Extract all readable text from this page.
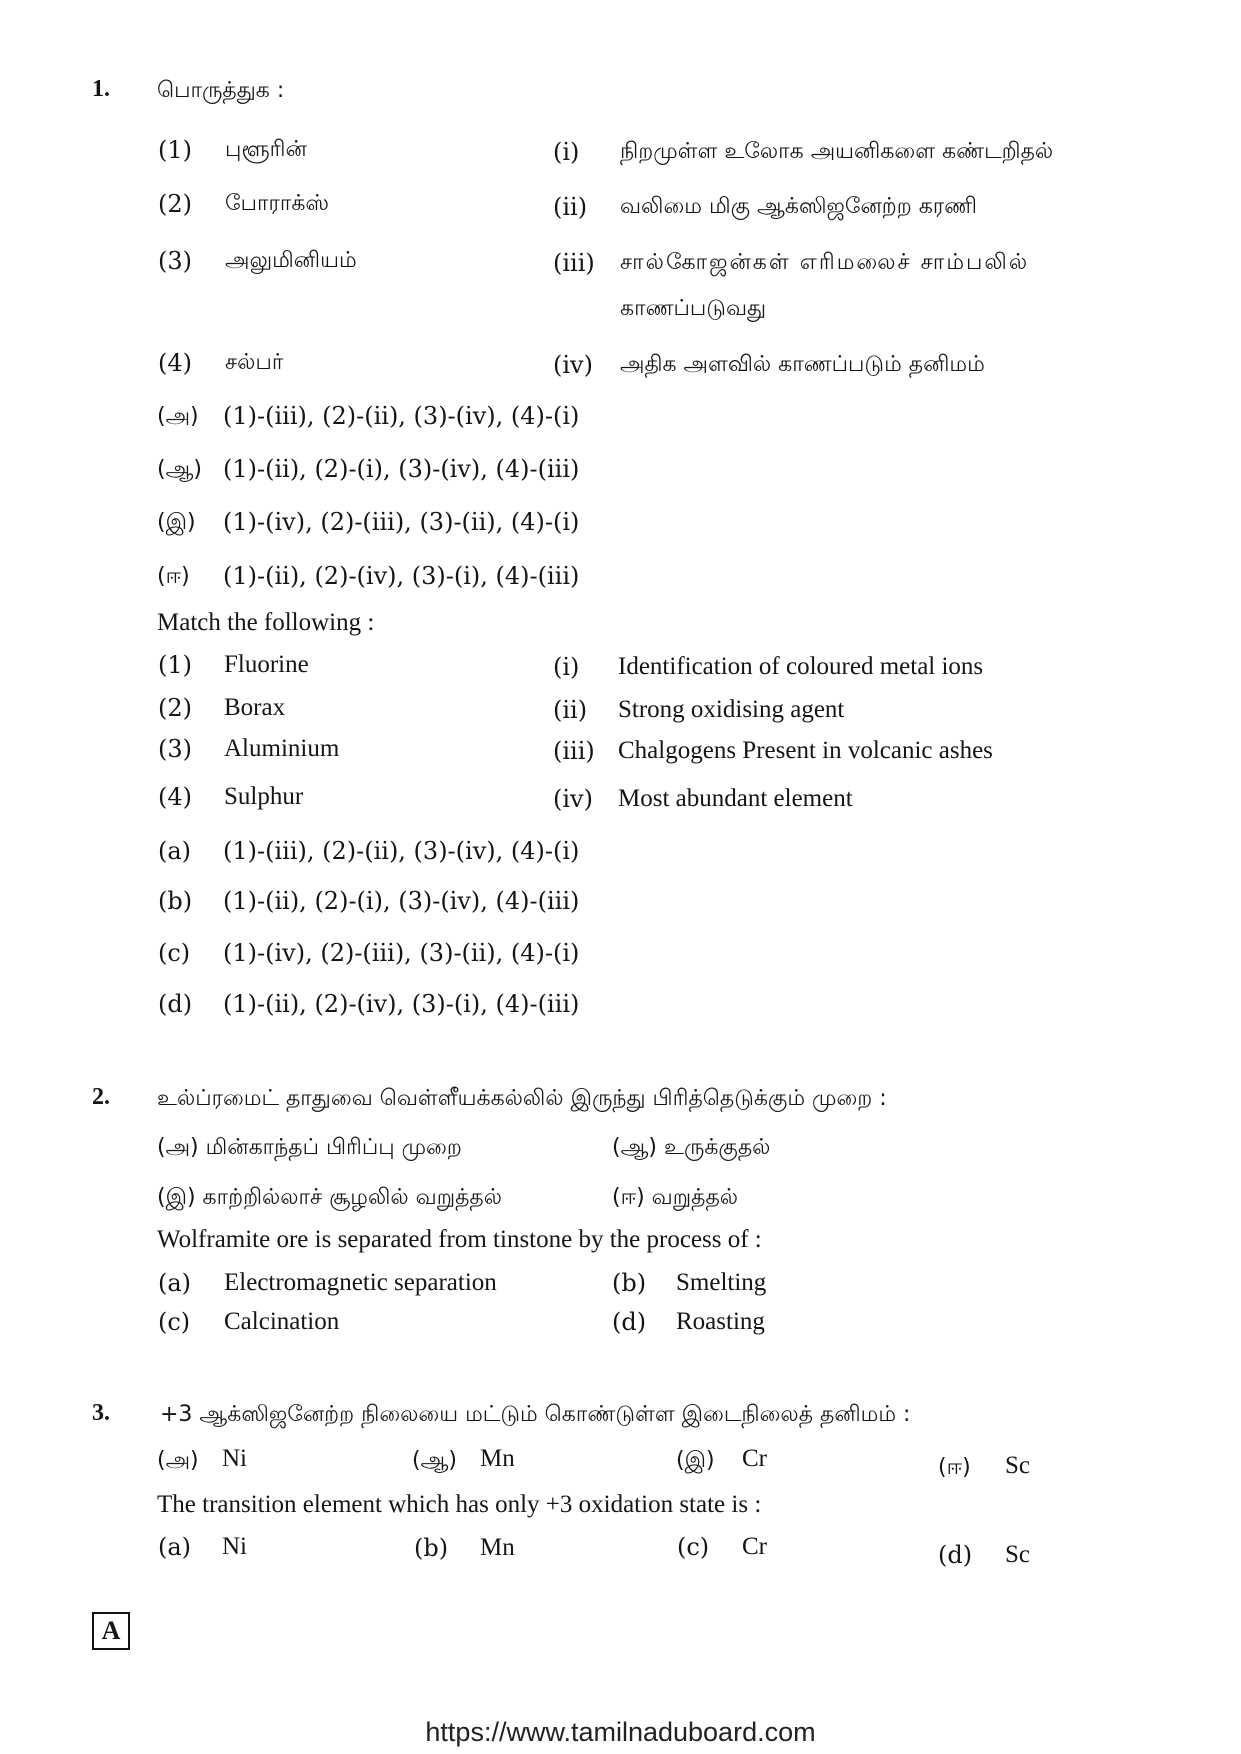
1. பொருத்துக :
(1) புளூரின்	(i) நிறமுள்ள உலோக அயனிகளை கண்டறிதல்
(2) போராக்ஸ்	(ii) வலிமை மிகு ஆக்ஸிஜனேற்ற கரணி
(3) அலுமினியம்	(iii) சால்கோஜன்கள் எரிமலைச் சாம்பலில்
காணப்படுவது
(4) சல்பர்	(iv) அதிக அளவில் காணப்படும் தனிமம்
(அ) (1)-(iii), (2)-(ii), (3)-(iv), (4)-(i)
(ஆ) (1)-(ii), (2)-(i), (3)-(iv), (4)-(iii)
(இ) (1)-(iv), (2)-(iii), (3)-(ii), (4)-(i)
(ஈ) (1)-(ii), (2)-(iv), (3)-(i), (4)-(iii)
Match the following :
(1) Fluorine	(i) Identification of coloured metal ions
(2) Borax	(ii) Strong oxidising agent
(3) Aluminium	(iii) Chalgogens Present in volcanic ashes
(4) Sulphur	(iv) Most abundant element
(a) (1)-(iii), (2)-(ii), (3)-(iv), (4)-(i)
(b) (1)-(ii), (2)-(i), (3)-(iv), (4)-(iii)
(c) (1)-(iv), (2)-(iii), (3)-(ii), (4)-(i)
(d) (1)-(ii), (2)-(iv), (3)-(i), (4)-(iii)
2. உல்ப்ரமைட் தாதுவை வெள்ளீயக்கல்லில் இருந்து பிரித்தெடுக்கும் முறை :
(அ) மின்காந்தப் பிரிப்பு முறை	(ஆ) உருக்குதல்
(இ) காற்றில்லாச் சூழலில் வறுத்தல்	(ஈ) வறுத்தல்
Wolframite ore is separated from tinstone by the process of :
(a) Electromagnetic separation	(b) Smelting
(c) Calcination	(d) Roasting
3. +3 ஆக்ஸிஜனேற்ற நிலையை மட்டும் கொண்டுள்ள இடைநிலைத் தனிமம் :
(அ) Ni	(ஆ) Mn	(இ) Cr	(ஈ) Sc
The transition element which has only +3 oxidation state is :
(a) Ni	(b) Mn	(c) Cr	(d) Sc
A
https://www.tamilnaduboard.com
